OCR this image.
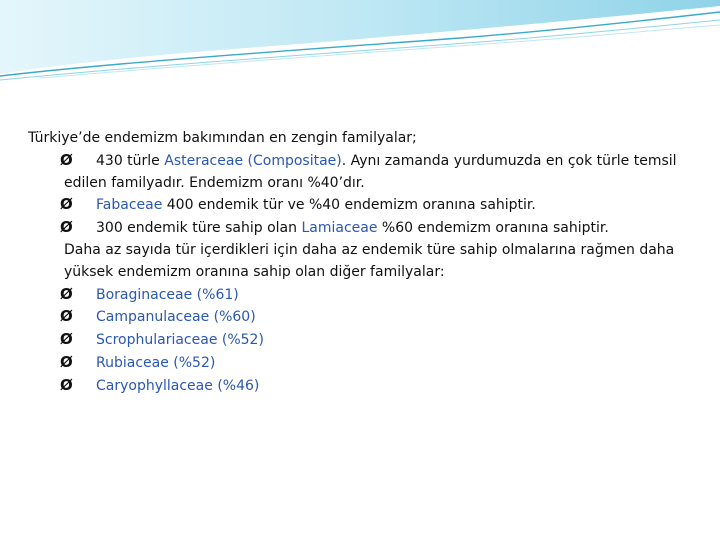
Türkiye’de endemizm bakımından en zengin familyalar;
Ø 430 türle Asteraceae (Compositae). Aynı zamanda yurdumuzda en çok türle temsil
edilen familyadır. Endemizm oranı %40’dır.
Ø Fabaceae 400 endemik tür ve %40 endemizm oranına sahiptir.
Ø 300 endemik türe sahip olan Lamiaceae %60 endemizm oranına sahiptir.
Daha az sayıda tür içerdikleri için daha az endemik türe sahip olmalarına rağmen daha
yüksek endemizm oranına sahip olan diğer familyalar:
Ø Boraginaceae (%61)
Ø Campanulaceae (%60)
Ø Scrophulariaceae (%52)
Ø Rubiaceae (%52)
Ø Caryophyllaceae (%46)
